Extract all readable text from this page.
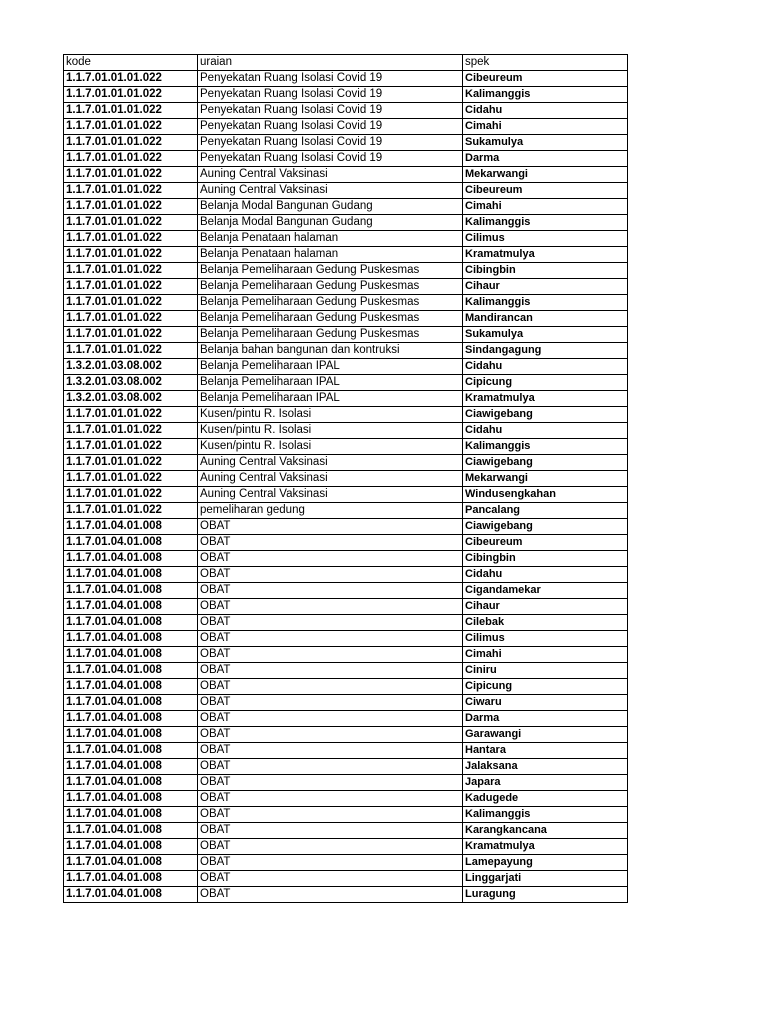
kode	uraian	spek
1.1.7.01.01.01.022	Penyekatan Ruang Isolasi Covid 19	Cibeureum
1.1.7.01.01.01.022	Penyekatan Ruang Isolasi Covid 19	Kalimanggis
1.1.7.01.01.01.022	Penyekatan Ruang Isolasi Covid 19	Cidahu
1.1.7.01.01.01.022	Penyekatan Ruang Isolasi Covid 19	Cimahi
1.1.7.01.01.01.022	Penyekatan Ruang Isolasi Covid 19	Sukamulya
1.1.7.01.01.01.022	Penyekatan Ruang Isolasi Covid 19	Darma
1.1.7.01.01.01.022	Auning Central Vaksinasi	Mekarwangi
1.1.7.01.01.01.022	Auning Central Vaksinasi	Cibeureum
1.1.7.01.01.01.022	Belanja Modal Bangunan Gudang	Cimahi
1.1.7.01.01.01.022	Belanja Modal Bangunan Gudang	Kalimanggis
1.1.7.01.01.01.022	Belanja Penataan halaman	Cilimus
1.1.7.01.01.01.022	Belanja Penataan halaman	Kramatmulya
1.1.7.01.01.01.022	Belanja Pemeliharaan Gedung Puskesmas	Cibingbin
1.1.7.01.01.01.022	Belanja Pemeliharaan Gedung Puskesmas	Cihaur
1.1.7.01.01.01.022	Belanja Pemeliharaan Gedung Puskesmas	Kalimanggis
1.1.7.01.01.01.022	Belanja Pemeliharaan Gedung Puskesmas	Mandirancan
1.1.7.01.01.01.022	Belanja Pemeliharaan Gedung Puskesmas	Sukamulya
1.1.7.01.01.01.022	Belanja bahan bangunan dan kontruksi	Sindangagung
1.3.2.01.03.08.002	Belanja Pemeliharaan IPAL	Cidahu
1.3.2.01.03.08.002	Belanja Pemeliharaan IPAL	Cipicung
1.3.2.01.03.08.002	Belanja Pemeliharaan IPAL	Kramatmulya
1.1.7.01.01.01.022	Kusen/pintu R. Isolasi	Ciawigebang
1.1.7.01.01.01.022	Kusen/pintu R. Isolasi	Cidahu
1.1.7.01.01.01.022	Kusen/pintu R. Isolasi	Kalimanggis
1.1.7.01.01.01.022	Auning Central Vaksinasi	Ciawigebang
1.1.7.01.01.01.022	Auning Central Vaksinasi	Mekarwangi
1.1.7.01.01.01.022	Auning Central Vaksinasi	Windusengkahan
1.1.7.01.01.01.022	pemeliharan gedung	Pancalang
1.1.7.01.04.01.008	OBAT	Ciawigebang
1.1.7.01.04.01.008	OBAT	Cibeureum
1.1.7.01.04.01.008	OBAT	Cibingbin
1.1.7.01.04.01.008	OBAT	Cidahu
1.1.7.01.04.01.008	OBAT	Cigandamekar
1.1.7.01.04.01.008	OBAT	Cihaur
1.1.7.01.04.01.008	OBAT	Cilebak
1.1.7.01.04.01.008	OBAT	Cilimus
1.1.7.01.04.01.008	OBAT	Cimahi
1.1.7.01.04.01.008	OBAT	Ciniru
1.1.7.01.04.01.008	OBAT	Cipicung
1.1.7.01.04.01.008	OBAT	Ciwaru
1.1.7.01.04.01.008	OBAT	Darma
1.1.7.01.04.01.008	OBAT	Garawangi
1.1.7.01.04.01.008	OBAT	Hantara
1.1.7.01.04.01.008	OBAT	Jalaksana
1.1.7.01.04.01.008	OBAT	Japara
1.1.7.01.04.01.008	OBAT	Kadugede
1.1.7.01.04.01.008	OBAT	Kalimanggis
1.1.7.01.04.01.008	OBAT	Karangkancana
1.1.7.01.04.01.008	OBAT	Kramatmulya
1.1.7.01.04.01.008	OBAT	Lamepayung
1.1.7.01.04.01.008	OBAT	Linggarjati
1.1.7.01.04.01.008	OBAT	Luragung
